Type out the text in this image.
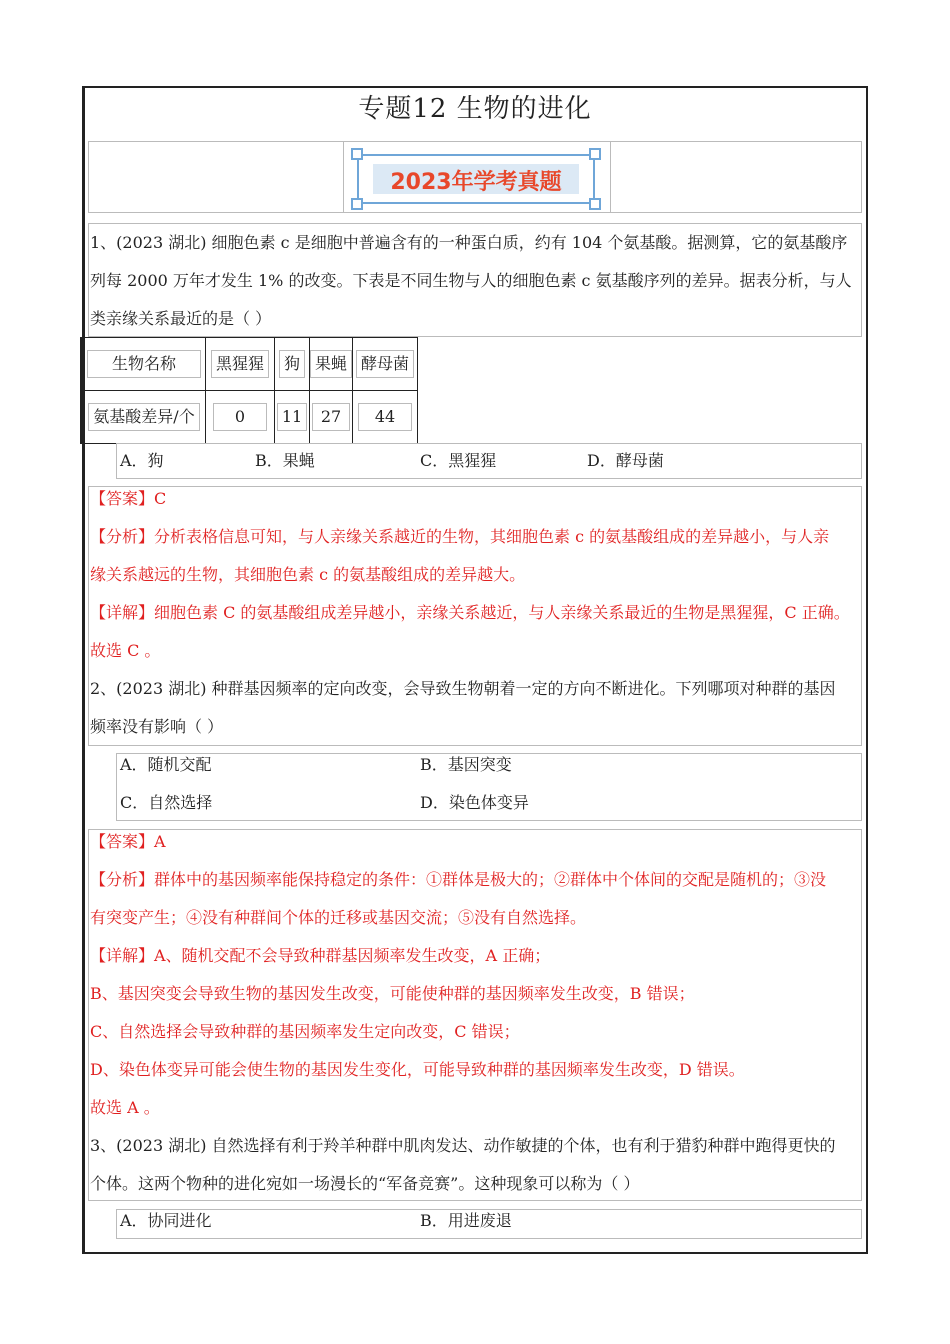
专题12 生物的进化
2023年学考真题
1、(2023 湖北) 细胞色素 c 是细胞中普遍含有的一种蛋白质，约有 104 个氨基酸。据测算，它的氨基酸序
列每 2000 万年才发生 1% 的改变。下表是不同生物与人的细胞色素 c 氨基酸序列的差异。据表分析，与人
类亲缘关系最近的是（ ）
生物名称	黑猩猩	狗	果蝇	酵母菌
氨基酸差异/个	0	11	27	44
A．狗	B．果蝇	C．黑猩猩	D．酵母菌
【答案】C
【分析】分析表格信息可知，与人亲缘关系越近的生物，其细胞色素 c 的氨基酸组成的差异越小，与人亲
缘关系越远的生物，其细胞色素 c 的氨基酸组成的差异越大。
【详解】细胞色素 C 的氨基酸组成差异越小，亲缘关系越近，与人亲缘关系最近的生物是黑猩猩，C 正确。
故选 C 。
2、(2023 湖北) 种群基因频率的定向改变，会导致生物朝着一定的方向不断进化。下列哪项对种群的基因
频率没有影响（ ）
A．随机交配	B．基因突变
C．自然选择	D．染色体变异
【答案】A
【分析】群体中的基因频率能保持稳定的条件：①群体是极大的；②群体中个体间的交配是随机的；③没
有突变产生；④没有种群间个体的迁移或基因交流；⑤没有自然选择。
【详解】A、随机交配不会导致种群基因频率发生改变，A 正确；
B、基因突变会导致生物的基因发生改变，可能使种群的基因频率发生改变，B 错误；
C、自然选择会导致种群的基因频率发生定向改变，C 错误；
D、染色体变异可能会使生物的基因发生变化，可能导致种群的基因频率发生改变，D 错误。
故选 A 。
3、(2023 湖北) 自然选择有利于羚羊种群中肌肉发达、动作敏捷的个体，也有利于猎豹种群中跑得更快的
个体。这两个物种的进化宛如一场漫长的“军备竞赛”。这种现象可以称为（ ）
A．协同进化	B．用进废退
